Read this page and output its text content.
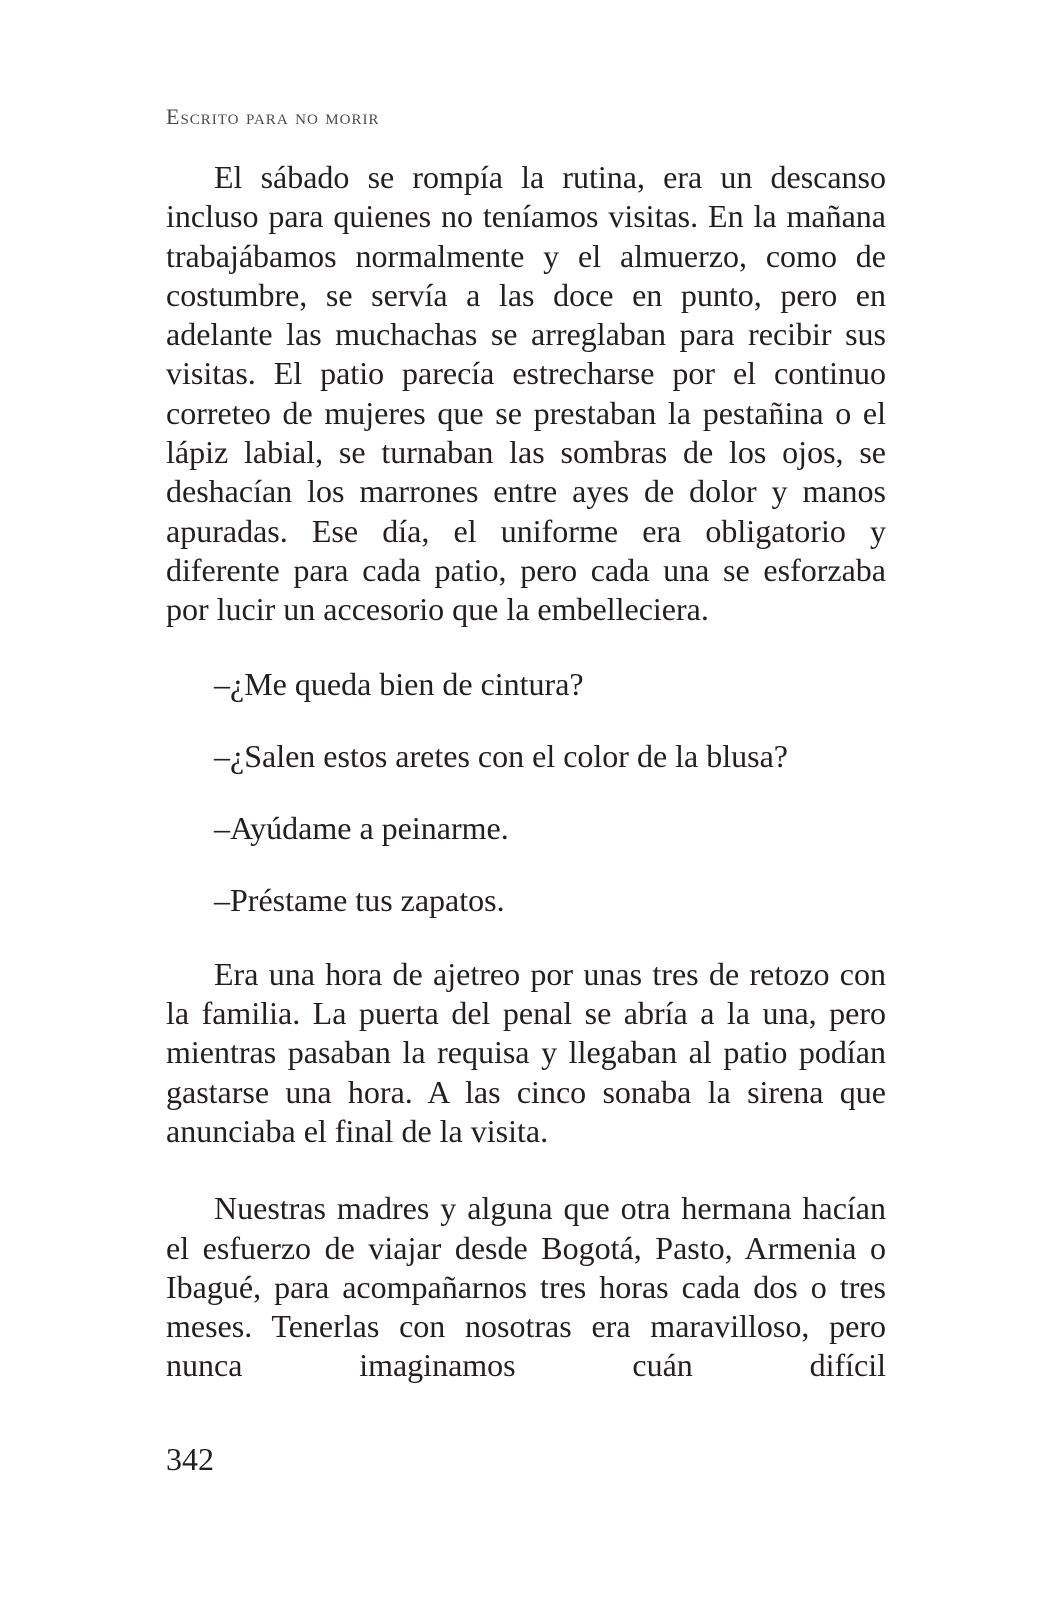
Escrito para no morir

El sábado se rompía la rutina, era un descanso incluso para quienes no teníamos visitas. En la mañana trabajábamos normalmente y el almuerzo, como de costumbre, se servía a las doce en punto, pero en adelante las muchachas se arreglaban para recibir sus visitas. El patio parecía estrecharse por el continuo correteo de mujeres que se prestaban la pestañina o el lápiz labial, se turnaban las sombras de los ojos, se deshacían los marrones entre ayes de dolor y manos apuradas. Ese día, el uniforme era obligatorio y diferente para cada patio, pero cada una se esforzaba por lucir un accesorio que la embelleciera.

–¿Me queda bien de cintura?

–¿Salen estos aretes con el color de la blusa?

–Ayúdame a peinarme.

–Préstame tus zapatos.

Era una hora de ajetreo por unas tres de retozo con la familia. La puerta del penal se abría a la una, pero mientras pasaban la requisa y llegaban al patio podían gastarse una hora. A las cinco sonaba la sirena que anunciaba el final de la visita.

Nuestras madres y alguna que otra hermana hacían el esfuerzo de viajar desde Bogotá, Pasto, Armenia o Ibagué, para acompañarnos tres horas cada dos o tres meses. Tenerlas con nosotras era maravilloso, pero nunca imaginamos cuán difícil

342
